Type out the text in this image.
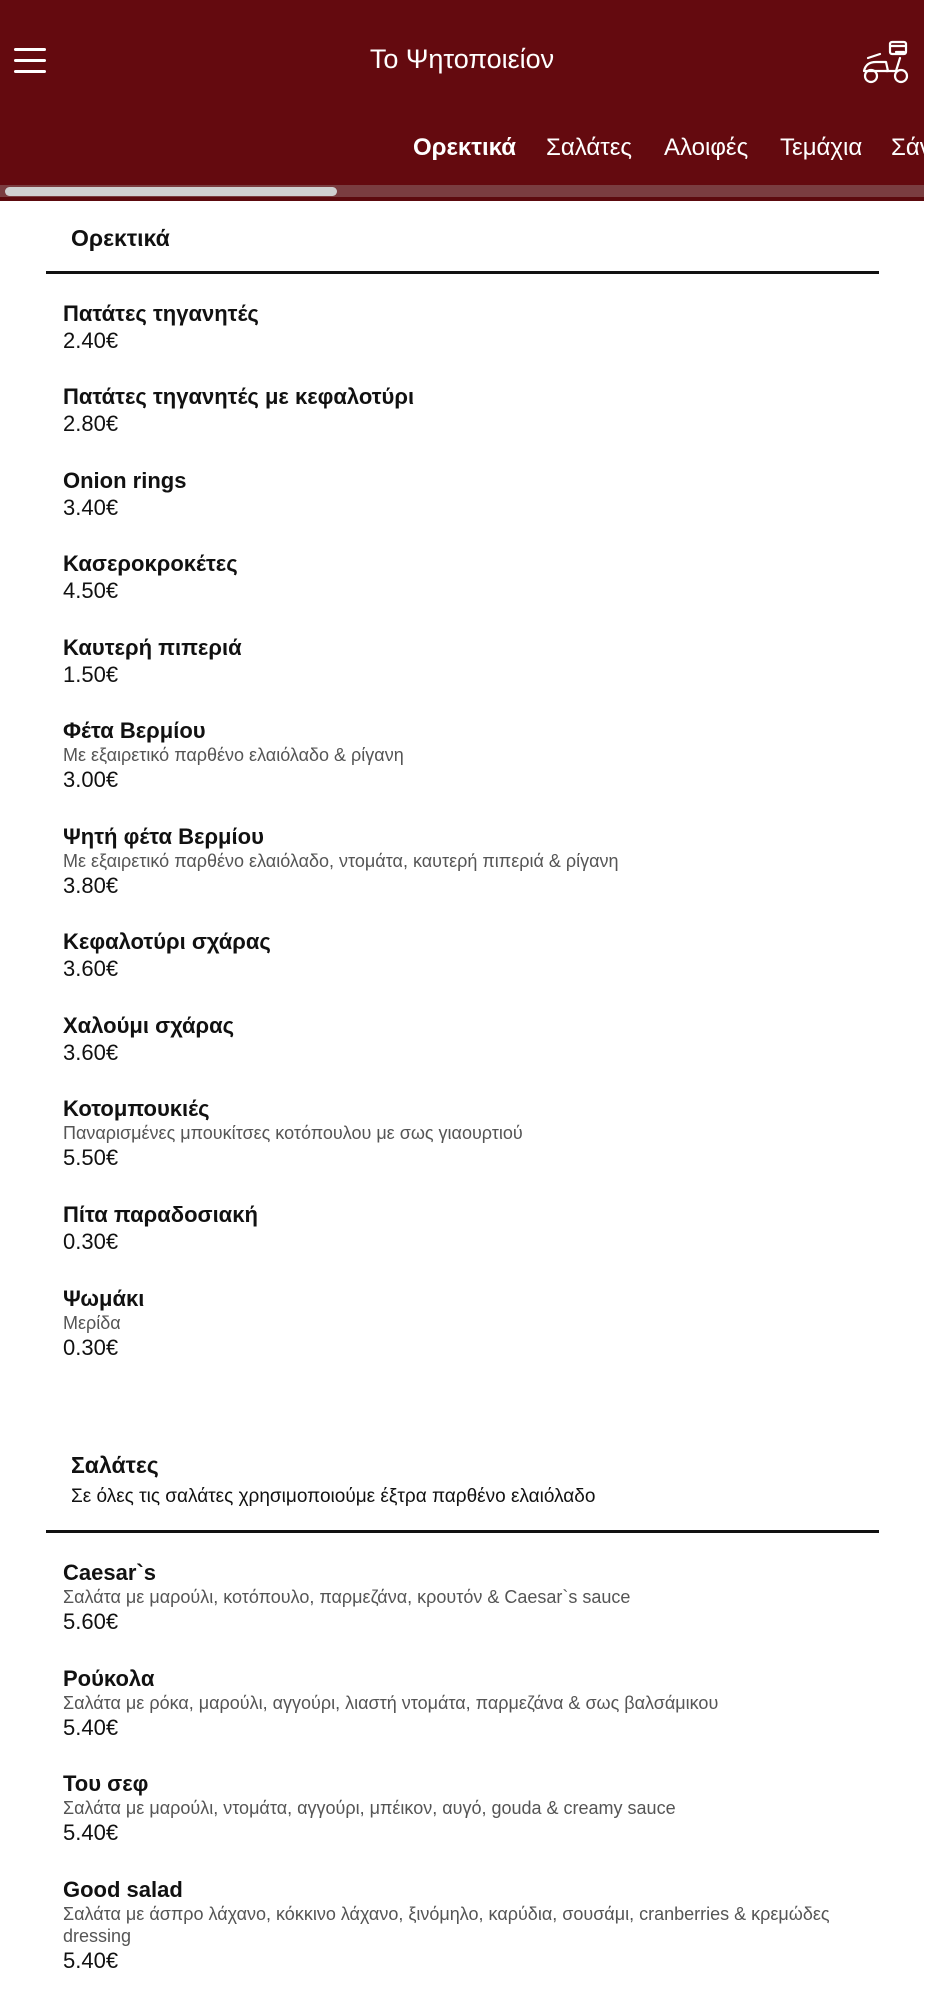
Το Ψητοποιείον
Ορεκτικά Σαλάτες Αλοιφές Τεμάχια Σάν
Ορεκτικά
Πατάτες τηγανητές
2.40€
Πατάτες τηγανητές με κεφαλοτύρι
2.80€
Onion rings
3.40€
Κασεροκροκέτες
4.50€
Καυτερή πιπεριά
1.50€
Φέτα Βερμίου
Με εξαιρετικό παρθένο ελαιόλαδο & ρίγανη
3.00€
Ψητή φέτα Βερμίου
Με εξαιρετικό παρθένο ελαιόλαδο, ντομάτα, καυτερή πιπεριά & ρίγανη
3.80€
Κεφαλοτύρι σχάρας
3.60€
Χαλούμι σχάρας
3.60€
Κοτομπουκιές
Παναρισμένες μπουκίτσες κοτόπουλου με σως γιαουρτιού
5.50€
Πίτα παραδοσιακή
0.30€
Ψωμάκι
Μερίδα
0.30€
Σαλάτες
Σε όλες τις σαλάτες χρησιμοποιούμε έξτρα παρθένο ελαιόλαδο
Caesar`s
Σαλάτα με μαρούλι, κοτόπουλο, παρμεζάνα, κρουτόν & Caesar`s sauce
5.60€
Ρούκολα
Σαλάτα με ρόκα, μαρούλι, αγγούρι, λιαστή ντομάτα, παρμεζάνα & σως βαλσάμικου
5.40€
Του σεφ
Σαλάτα με μαρούλι, ντομάτα, αγγούρι, μπέικον, αυγό, gouda & creamy sauce
5.40€
Good salad
Σαλάτα με άσπρο λάχανο, κόκκινο λάχανο, ξινόμηλο, καρύδια, σουσάμι, cranberries & κρεμώδες dressing
5.40€
